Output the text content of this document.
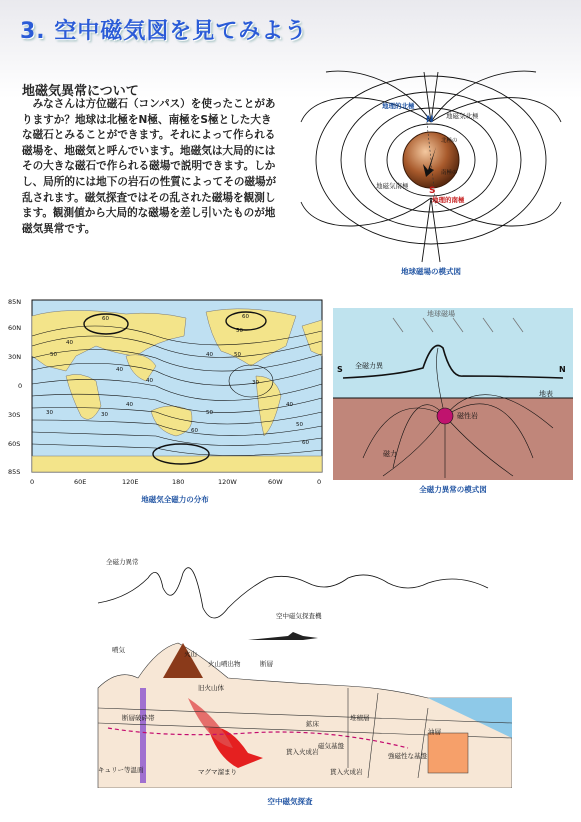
3. 空中磁気図を見てみよう
地磁気異常について
　みなさんは方位磁石（コンパス）を使ったことがありますか？地球は北極をN極、南極をS極とした大きな磁石とみることができます。それによって作られる磁場を、地磁気と呼んでいます。地磁気は大局的にはその大きな磁石で作られる磁場で説明できます。しかし、局所的には地下の岩石の性質によってその磁場が乱されます。磁気探査ではその乱された磁場を観測します。観測値から大局的な磁場を差し引いたものが地磁気異常です。
地理的北極
地磁気北極
N
S
地磁気南極
地理的南極
北極の
南極の
地球磁場の模式図
85N
60N
30N
0
30S
60S
85S
0	60E	120E	180	120W	60W	0
40
50
60
30
40
50
40	50
60
40	30
50
60
40
30
40
50
60
地磁気全磁力の分布
地球磁場
全磁力異
S	N
地表
磁性岩
磁力
全磁力異常の模式図
全磁力異常
空中磁気探査機
噴気	火山
火山噴出物	断層
旧火山体
堆積層
断層破砕帯
鉱床
油層
貫入火成岩
磁気基盤
キュリー等温面	マグマ溜まり	貫入火成岩
強磁性な基盤
空中磁気探査
